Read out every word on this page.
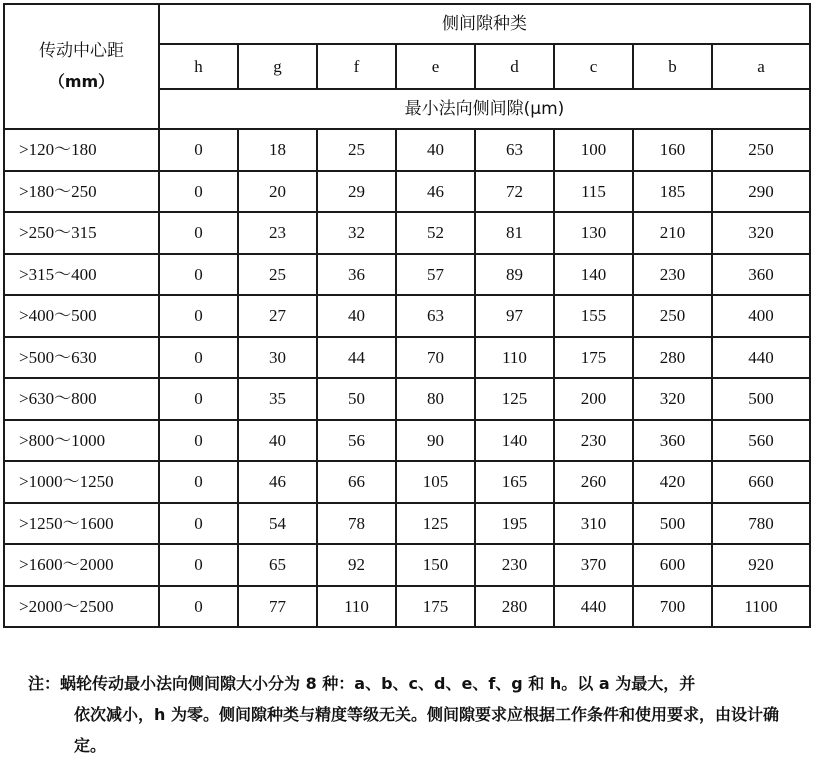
传动中心距
（mm）	侧间隙种类							
	h	g	f	e	d	c	b	a
	最小法向侧间隙(μm)							
>120～180	0	18	25	40	63	100	160	250
>180～250	0	20	29	46	72	115	185	290
>250～315	0	23	32	52	81	130	210	320
>315～400	0	25	36	57	89	140	230	360
>400～500	0	27	40	63	97	155	250	400
>500～630	0	30	44	70	110	175	280	440
>630～800	0	35	50	80	125	200	320	500
>800～1000	0	40	56	90	140	230	360	560
>1000～1250	0	46	66	105	165	260	420	660
>1250～1600	0	54	78	125	195	310	500	780
>1600～2000	0	65	92	150	230	370	600	920
>2000～2500	0	77	110	175	280	440	700	1100
注：蜗轮传动最小法向侧间隙大小分为 8 种：a、b、c、d、e、f、g 和 h。以 a 为最大，并
依次减小，h 为零。侧间隙种类与精度等级无关。侧间隙要求应根据工作条件和使用要求，由设计确定。
